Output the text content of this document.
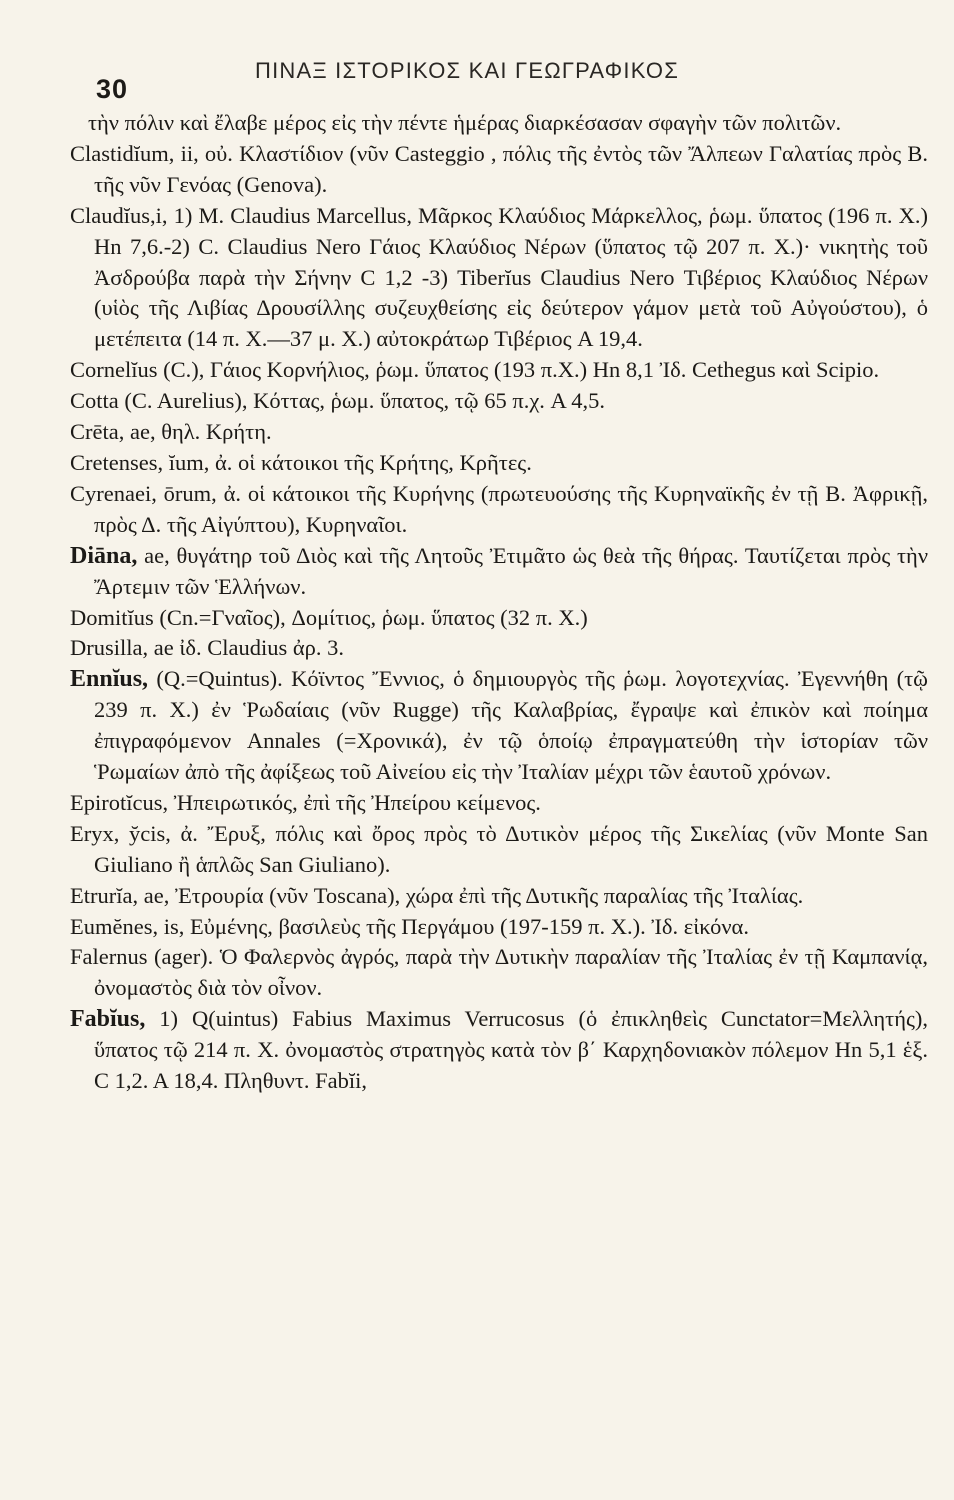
30
ΠΙΝΑΞ ΙΣΤΟΡΙΚΟΣ ΚΑΙ ΓΕΩΓΡΑΦΙΚΟΣ

τὴν πόλιν καὶ ἔλαβε μέρος εἰς τὴν πέντε ἡμέρας διαρκέσασαν σφαγὴν τῶν πολιτῶν.

Clastidĭum, ii, οὐ. Κλαστίδιον (νῦν Casteggio , πόλις τῆς ἐντὸς τῶν Ἄλπεων Γαλατίας πρὸς Β. τῆς νῦν Γενόας (Genova).

Claudĭus,i, 1) M. Claudius Marcellus, Μᾶρκος Κλαύδιος Μάρκελλος, ῥωμ. ὕπατος (196 π. Χ.) Hn 7,6.-2) C. Claudius Nero Γάιος Κλαύδιος Νέρων (ὕπατος τῷ 207 π. Χ.)· νικητὴς τοῦ Ἀσδρούβα παρὰ τὴν Σήνην C 1,2 -3) Tiberĭus Claudius Nero Τιβέριος Κλαύδιος Νέρων (υἱὸς τῆς Λιβίας Δρουσίλλης συζευχθείσης εἰς δεύτερον γάμον μετὰ τοῦ Αὐγούστου), ὁ μετέπειτα (14 π. Χ.—37 μ. Χ.) αὐτοκράτωρ Τιβέριος A 19,4.

Cornelĭus (C.), Γάιος Κορνήλιος, ῥωμ. ὕπατος (193 π.Χ.) Hn 8,1 Ἰδ. Cethegus καὶ Scipio.

Cotta (C. Aurelius), Κόττας, ῥωμ. ὕπατος, τῷ 65 π.χ. A 4,5.

Crēta, ae, θηλ. Κρήτη.

Cretenses, ĭum, ἀ. οἱ κάτοικοι τῆς Κρήτης, Κρῆτες.

Cyrenaei, ōrum, ἀ. οἱ κάτοικοι τῆς Κυρήνης (πρωτευούσης τῆς Κυρηναϊκῆς ἐν τῇ Β. Ἀφρικῇ, πρὸς Δ. τῆς Αἰγύπτου), Κυρηναῖοι.

Diāna, ae, θυγάτηρ τοῦ Διὸς καὶ τῆς Λητοῦς Ἐτιμᾶτο ὡς θεὰ τῆς θήρας. Ταυτίζεται πρὸς τὴν Ἄρτεμιν τῶν Ἑλλήνων.

Domitĭus (Cn.=Γναῖος), Δομίτιος, ῥωμ. ὕπατος (32 π. Χ.)

Drusilla, ae ἰδ. Claudius ἀρ. 3.

Ennĭus, (Q.=Quintus). Κόϊντος Ἔννιος, ὁ δημιουργὸς τῆς ῥωμ. λογοτεχνίας. Ἐγεννήθη (τῷ 239 π. Χ.) ἐν Ῥωδαίαις (νῦν Rugge) τῆς Καλαβρίας, ἔγραψε καὶ ἐπικὸν καὶ ποίημα ἐπιγραφόμενον Annales (=Χρονικά), ἐν τῷ ὁποίῳ ἐπραγματεύθη τὴν ἱστορίαν τῶν Ῥωμαίων ἀπὸ τῆς ἀφίξεως τοῦ Αἰνείου εἰς τὴν Ἰταλίαν μέχρι τῶν ἑαυτοῦ χρόνων.

Epirotĭcus, Ἠπειρωτικός, ἐπὶ τῆς Ἠπείρου κείμενος.

Eryx, y̆cis, ἀ. Ἔρυξ, πόλις καὶ ὄρος πρὸς τὸ Δυτικὸν μέρος τῆς Σικελίας (νῦν Monte San Giuliano ἢ ἁπλῶς San Giuliano).

Etrurĭa, ae, Ἐτρουρία (νῦν Toscana), χώρα ἐπὶ τῆς Δυτικῆς παραλίας τῆς Ἰταλίας.

Eumĕnes, is, Εὐμένης, βασιλεὺς τῆς Περγάμου (197-159 π. Χ.). Ἰδ. εἰκόνα.

Falernus (ager). Ὁ Φαλερνὸς ἀγρός, παρὰ τὴν Δυτικὴν παραλίαν τῆς Ἰταλίας ἐν τῇ Καμπανίᾳ, ὀνομαστὸς διὰ τὸν οἶνον.

Fabĭus, 1) Q(uintus) Fabius Maximus Verrucosus (ὁ ἐπικληθεὶς Cunctator=Μελλητής), ὕπατος τῷ 214 π. Χ. ὀνομαστὸς στρατηγὸς κατὰ τὸν β΄ Καρχηδονιακὸν πόλεμον Hn 5,1 ἑξ. C 1,2. A 18,4. Πληθυντ. Fabĭi,
